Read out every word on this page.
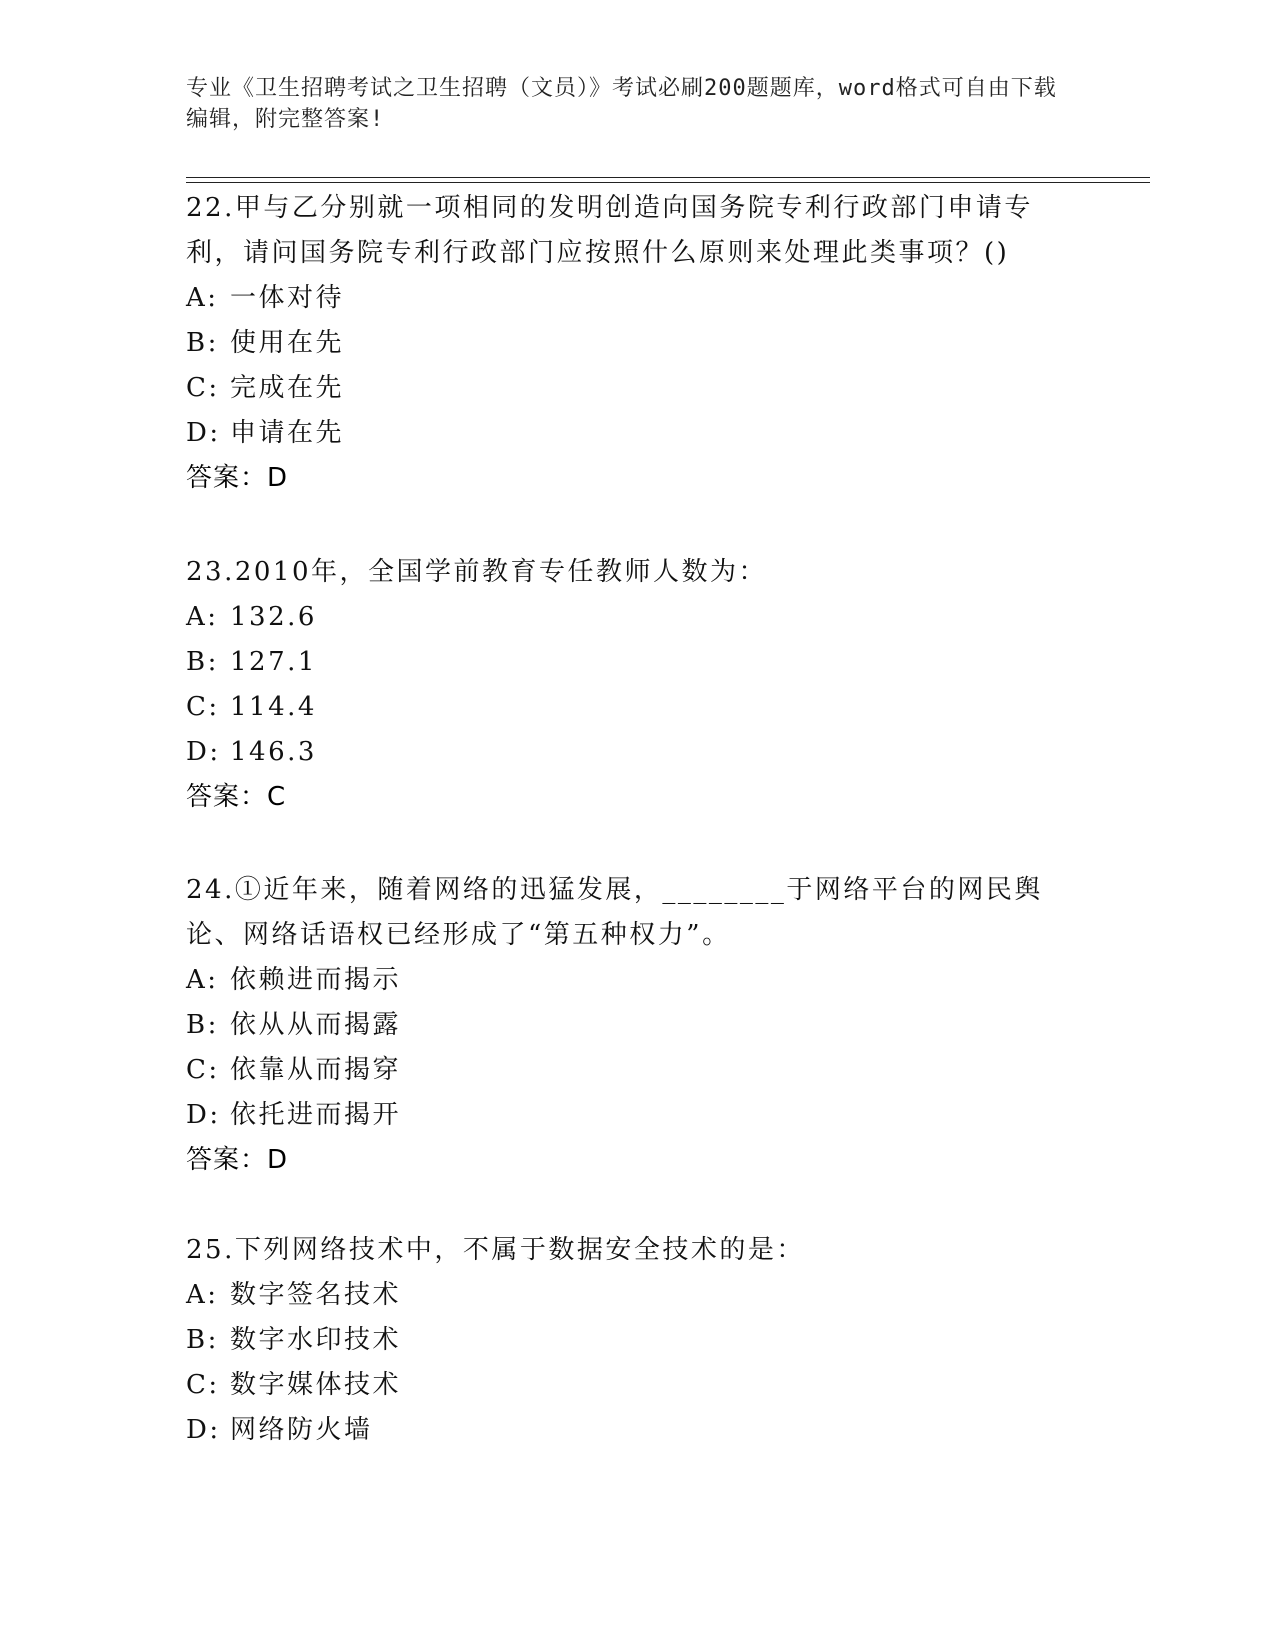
专业《卫生招聘考试之卫生招聘（文员）》考试必刷200题题库，word格式可自由下载编辑，附完整答案!
22.甲与乙分别就一项相同的发明创造向国务院专利行政部门申请专利，请问国务院专利行政部门应按照什么原则来处理此类事项？()
A: 一体对待
B: 使用在先
C: 完成在先
D: 申请在先
答案：D
23.2010年，全国学前教育专任教师人数为：
A: 132.6
B: 127.1
C: 114.4
D: 146.3
答案：C
24.①近年来，随着网络的迅猛发展，________于网络平台的网民舆论、网络话语权已经形成了“第五种权力”。
A: 依赖进而揭示
B: 依从从而揭露
C: 依靠从而揭穿
D: 依托进而揭开
答案：D
25.下列网络技术中，不属于数据安全技术的是：
A: 数字签名技术
B: 数字水印技术
C: 数字媒体技术
D: 网络防火墙
